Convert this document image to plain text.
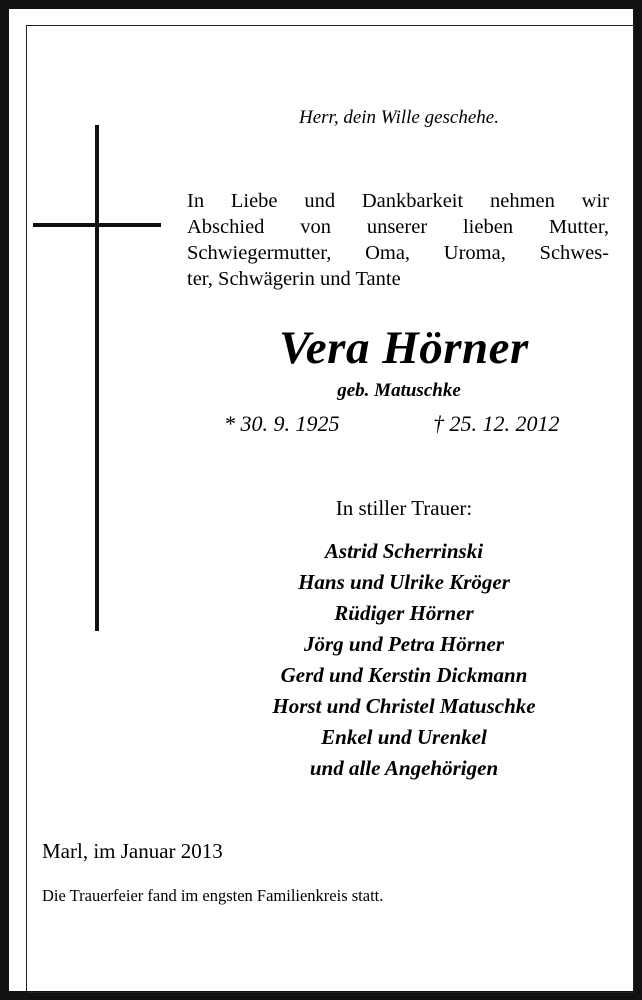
Herr, dein Wille geschehe.
In Liebe und Dankbarkeit nehmen wir
Abschied von unserer lieben Mutter,
Schwiegermutter, Oma, Uroma, Schwes-
ter, Schwägerin und Tante
Vera Hörner
geb. Matuschke
* 30. 9. 1925	† 25. 12. 2012
In stiller Trauer:
Astrid Scherrinski
Hans und Ulrike Kröger
Rüdiger Hörner
Jörg und Petra Hörner
Gerd und Kerstin Dickmann
Horst und Christel Matuschke
Enkel und Urenkel
und alle Angehörigen
Marl, im Januar 2013
Die Trauerfeier fand im engsten Familienkreis statt.
